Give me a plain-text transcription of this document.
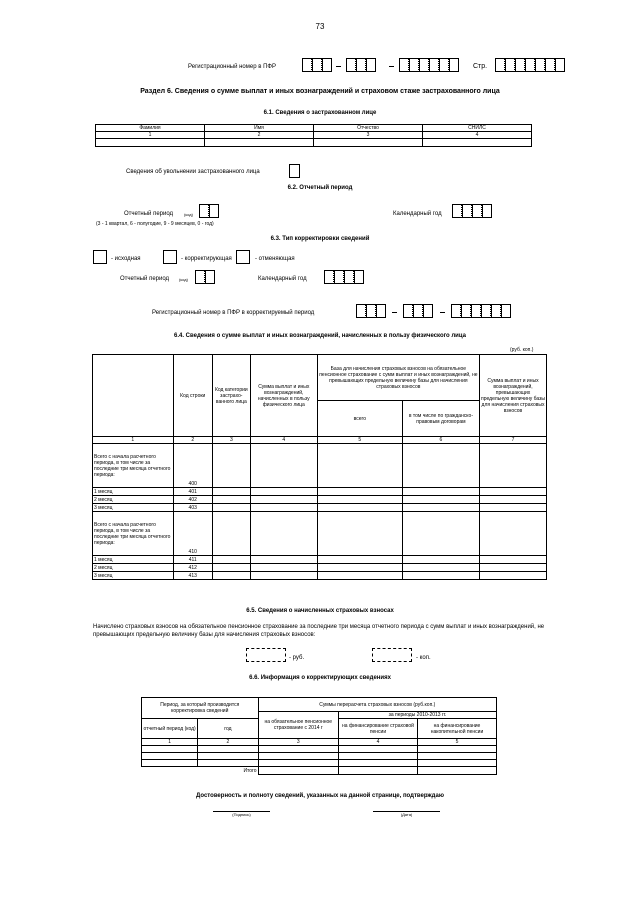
73
Регистрационный номер в ПФР	Стр.
Раздел 6. Сведения о сумме выплат и иных вознаграждений и страховом стаже застрахованного лица
6.1. Сведения о застрахованном лице
Фамилия	Имя	Отчество	СНИЛС
1	2	3	4

Сведения об увольнении застрахованного лица
6.2. Отчетный период
Отчетный период	(код)
(3 - 1 квартал, 6 - полугодие, 9 - 9 месяцев, 0 - год)
Календарный год
6.3. Тип корректировки сведений
- исходная	- корректирующая	- отменяющая
Отчетный период (код)	Календарный год
Регистрационный номер в ПФР в корректируемый период
6.4. Сведения о сумме выплат и иных вознаграждений, начисленных в пользу физического лица
(руб. коп.)
	Код строки	Код категории застрахо-ванного лица	Сумма выплат и иных вознаграждений, начисленных в пользу физического лица	База для начисления страховых взносов на обязательное пенсионное страхование с сумм выплат и иных вознаграждений, не превышающих предельную величину базы для начисления страховых взносов		Сумма выплат и иных вознаграждений, превышающих предельную величину базы для начисления страховых взносов
				всего	в том числе по гражданско-правовым договорам	
1	2	3	4	5	6	7
Всего с начала расчетного периода, в том числе за последние три месяца отчетного периода:	400					
1 месяц	401					
2 месяц	402					
3 месяц	403					
Всего с начала расчетного периода, в том числе за последние три месяца отчетного периода:	410					
1 месяц	411					
2 месяц	412					
3 месяц	413					
6.5. Сведения о начисленных страховых взносах
Начислено страховых взносов на обязательное пенсионное страхование за последние три месяца отчетного периода с сумм выплат и иных вознаграждений, не превышающих предельную величину базы для начисления страховых взносов:
- руб.	- коп.
6.6. Информация о корректирующих сведениях
Период, за который производится корректировка сведений		Суммы перерасчета страховых взносов (руб.коп.)		
		на обязательное пенсионное страхование с 2014 г	за периоды 2010-2013 гг.	
отчетный период (код)	год		на финансирование страховой пенсии	на финансирование накопительной пенсии
1	2	3	4	5

Итого				
Достоверность и полноту сведений, указанных на данной странице, подтверждаю
(Подпись)	(Дата)
